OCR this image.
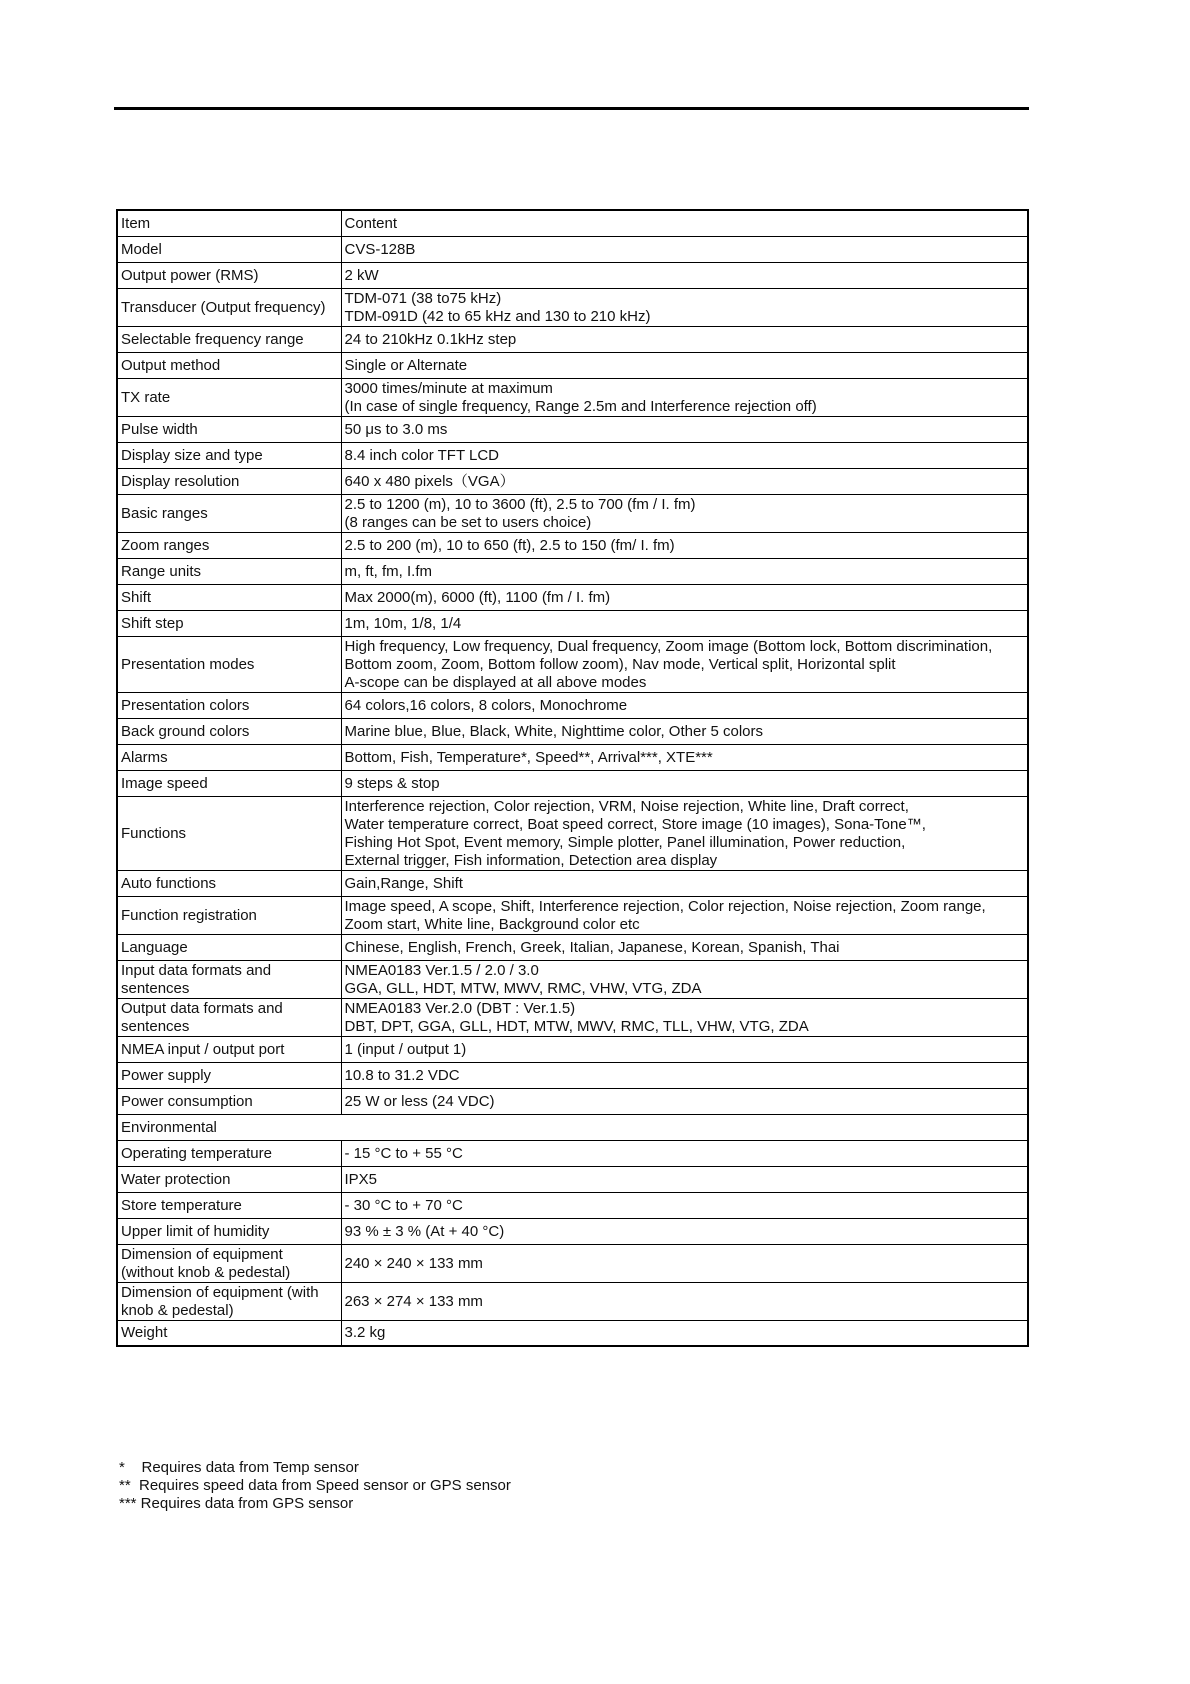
Item	Content
Model	CVS-128B

Output power (RMS)	2 kW

Transducer (Output frequency)	TDM-071 (38 to75 kHz)
TDM-091D (42 to 65 kHz and 130 to 210 kHz)

Selectable frequency range	24 to 210kHz 0.1kHz step

Output method	Single or Alternate

TX rate	3000 times/minute at maximum
(In case of single frequency, Range 2.5m and Interference rejection off)

Pulse width	50 μs to 3.0 ms

Display size and type	8.4 inch color TFT LCD

Display resolution	640 x 480 pixels（VGA）

Basic ranges	2.5 to 1200 (m), 10 to 3600 (ft), 2.5 to 700 (fm / I. fm)
(8 ranges can be set to users choice)

Zoom ranges	2.5 to 200 (m), 10 to 650 (ft), 2.5 to 150 (fm/ I. fm)

Range units	m, ft, fm, I.fm

Shift	Max 2000(m), 6000 (ft), 1100 (fm / I. fm)

Shift step	1m, 10m, 1/8, 1/4

Presentation modes	High frequency, Low frequency, Dual frequency, Zoom image (Bottom lock, Bottom discrimination,
Bottom zoom, Zoom, Bottom follow zoom), Nav mode, Vertical split, Horizontal split
A-scope can be displayed at all above modes

Presentation colors	64 colors,16 colors, 8 colors, Monochrome

Back ground colors	Marine blue, Blue, Black, White, Nighttime color, Other 5 colors

Alarms	Bottom, Fish, Temperature*, Speed**, Arrival***, XTE***

Image speed	9 steps & stop

Functions	Interference rejection, Color rejection, VRM, Noise rejection, White line, Draft correct,
Water temperature correct, Boat speed correct, Store image (10 images), Sona-Tone™,
Fishing Hot Spot, Event memory, Simple plotter, Panel illumination, Power reduction,
External trigger, Fish information, Detection area display

Auto functions	Gain,Range, Shift

Function registration	Image speed, A scope, Shift, Interference rejection, Color rejection, Noise rejection, Zoom range,
Zoom start, White line, Background color etc

Language	Chinese, English, French, Greek, Italian, Japanese, Korean, Spanish, Thai

Input data formats and sentences	NMEA0183 Ver.1.5 / 2.0 / 3.0
GGA, GLL, HDT, MTW, MWV, RMC, VHW, VTG, ZDA

Output data formats and sentences	NMEA0183 Ver.2.0 (DBT : Ver.1.5)
DBT, DPT, GGA, GLL, HDT, MTW, MWV, RMC, TLL, VHW, VTG, ZDA

NMEA input / output port	1 (input / output 1)

Power supply	10.8 to 31.2 VDC

Power consumption	25 W or less (24 VDC)

Environmental	
Operating temperature	- 15 °C to + 55 °C

Water protection	IPX5

Store temperature	- 30 °C to + 70 °C

Upper limit of humidity	93 % ± 3 % (At + 40 °C)

Dimension of equipment (without knob & pedestal)	240 × 240 × 133 mm

Dimension of equipment (with knob & pedestal)	263 × 274 × 133 mm

Weight	3.2 kg
*    Requires data from Temp sensor
**  Requires speed data from Speed sensor or GPS sensor
*** Requires data from GPS sensor
